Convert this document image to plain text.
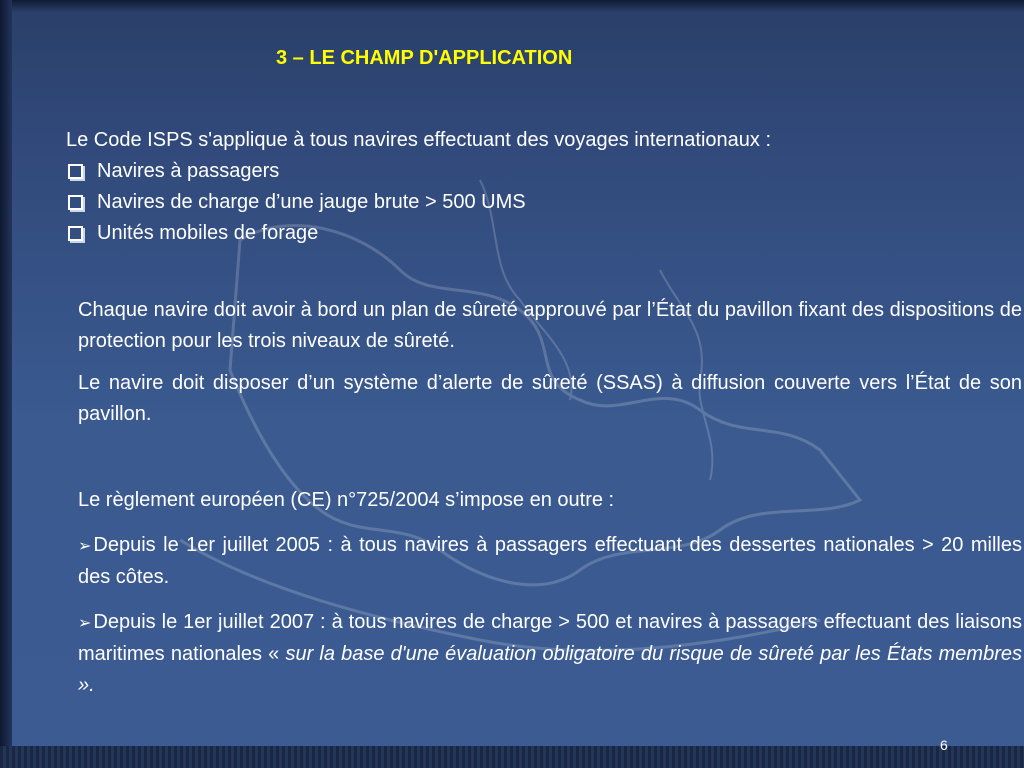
3 – LE CHAMP D'APPLICATION
Le Code ISPS s'applique à tous navires effectuant des voyages internationaux :
Navires à passagers
Navires de charge d’une jauge brute > 500 UMS
Unités mobiles de forage
Chaque navire doit avoir à bord un plan de sûreté approuvé par l’État du pavillon fixant des dispositions de protection pour les trois niveaux de sûreté.
Le navire doit disposer d’un système d’alerte de sûreté (SSAS) à diffusion couverte vers l’État de son pavillon.
Le règlement européen (CE) n°725/2004 s’impose en outre :
➢ Depuis le 1er juillet 2005 : à tous navires à passagers effectuant des dessertes nationales > 20 milles des côtes.
➢ Depuis le 1er juillet 2007 : à tous navires de charge > 500 et navires à passagers effectuant des liaisons maritimes nationales « sur la base d'une évaluation obligatoire du risque de sûreté par les États membres ».
6
